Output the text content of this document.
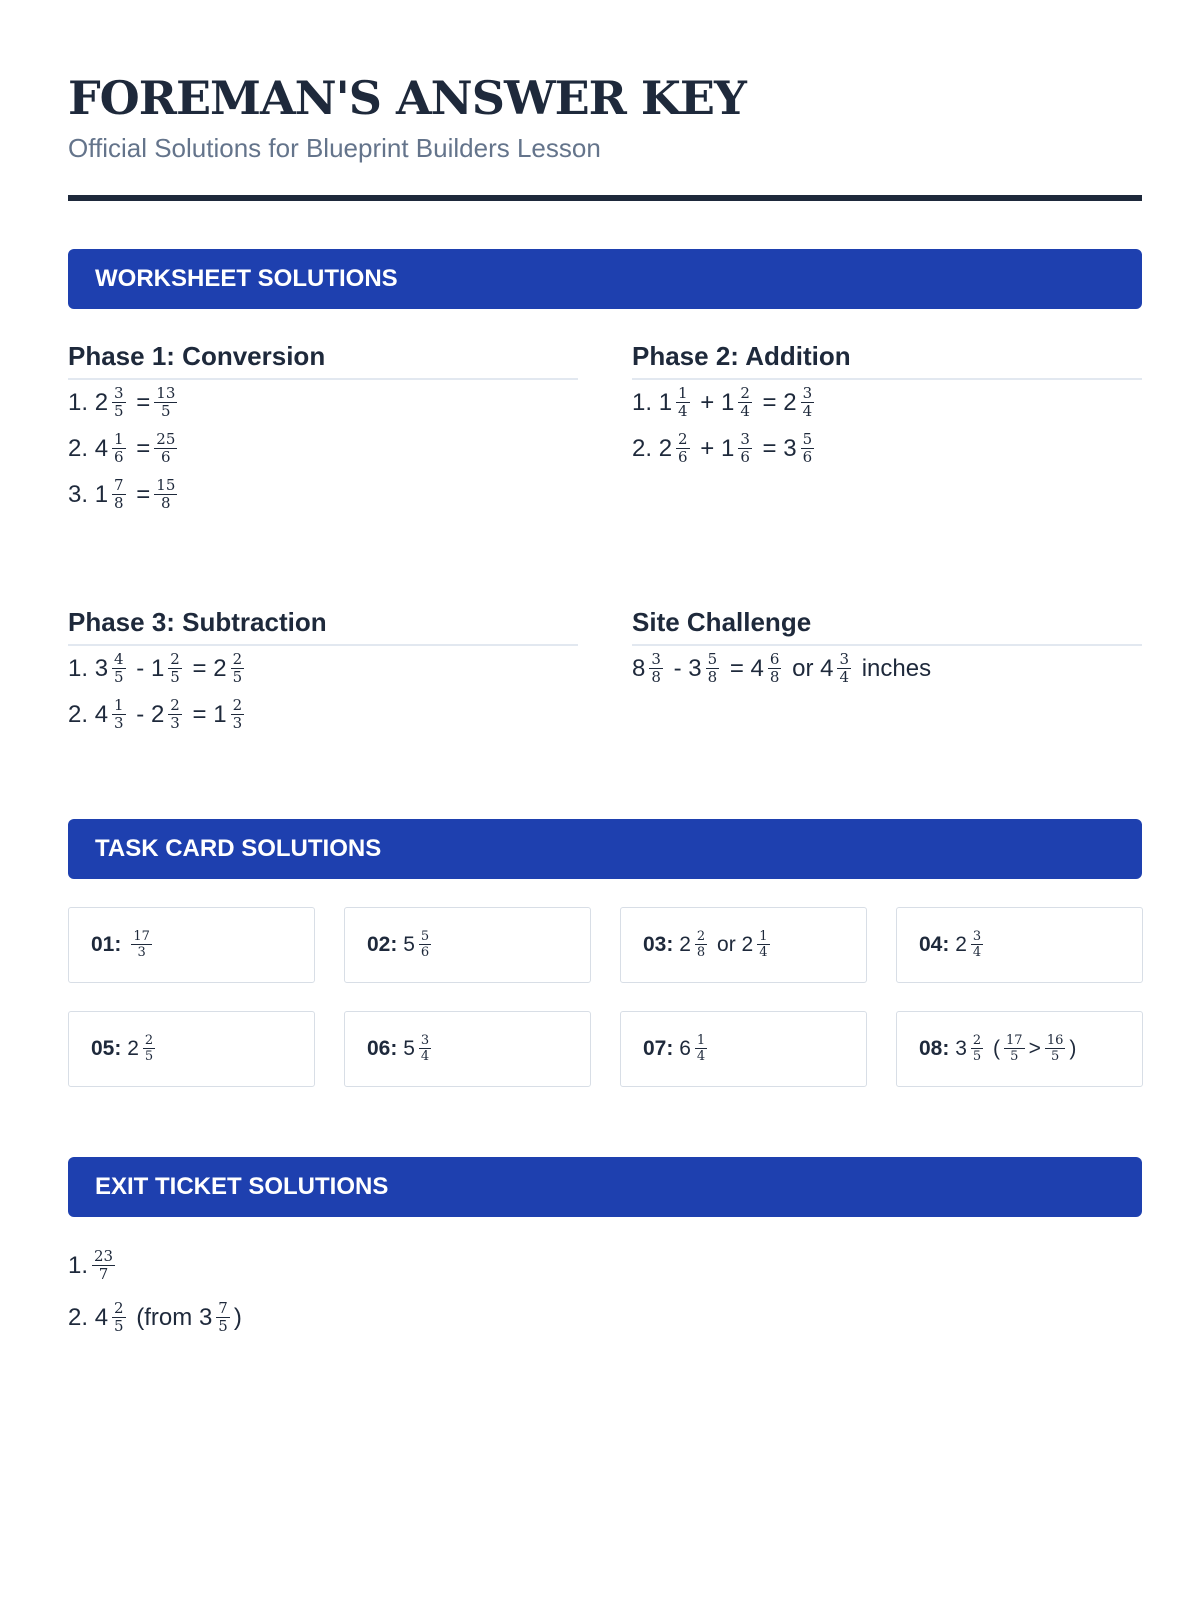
FOREMAN'S ANSWER KEY
Official Solutions for Blueprint Builders Lesson
WORKSHEET SOLUTIONS
Phase 1: Conversion
1. $2 \frac{3}{5} = \frac{13}{5}$
2. $4 \frac{1}{6} = \frac{25}{6}$
3. $1 \frac{7}{8} = \frac{15}{8}$
Phase 2: Addition
1. $1 \frac{1}{4} + 1 \frac{2}{4} = 2 \frac{3}{4}$
2. $2 \frac{2}{6} + 1 \frac{3}{6} = 3 \frac{5}{6}$
Phase 3: Subtraction
1. $3 \frac{4}{5} - 1 \frac{2}{5} = 2 \frac{2}{5}$
2. $4 \frac{1}{3} - 2 \frac{2}{3} = 1 \frac{2}{3}$
Site Challenge
$8 \frac{3}{8} - 3 \frac{5}{8} = 4 \frac{6}{8}$ or $4 \frac{3}{4}$ inches
TASK CARD SOLUTIONS
01: $\frac{17}{3}$	02: $5 \frac{5}{6}$	03: $2 \frac{2}{8}$ or $2 \frac{1}{4}$	04: $2 \frac{3}{4}$
05: $2 \frac{2}{5}$	06: $5 \frac{3}{4}$	07: $6 \frac{1}{4}$	08: $3 \frac{2}{5}$ ( $\frac{17}{5} > \frac{16}{5}$ )
EXIT TICKET SOLUTIONS
1. $\frac{23}{7}$
2. $4 \frac{2}{5}$ (from $3 \frac{7}{5}$ )
